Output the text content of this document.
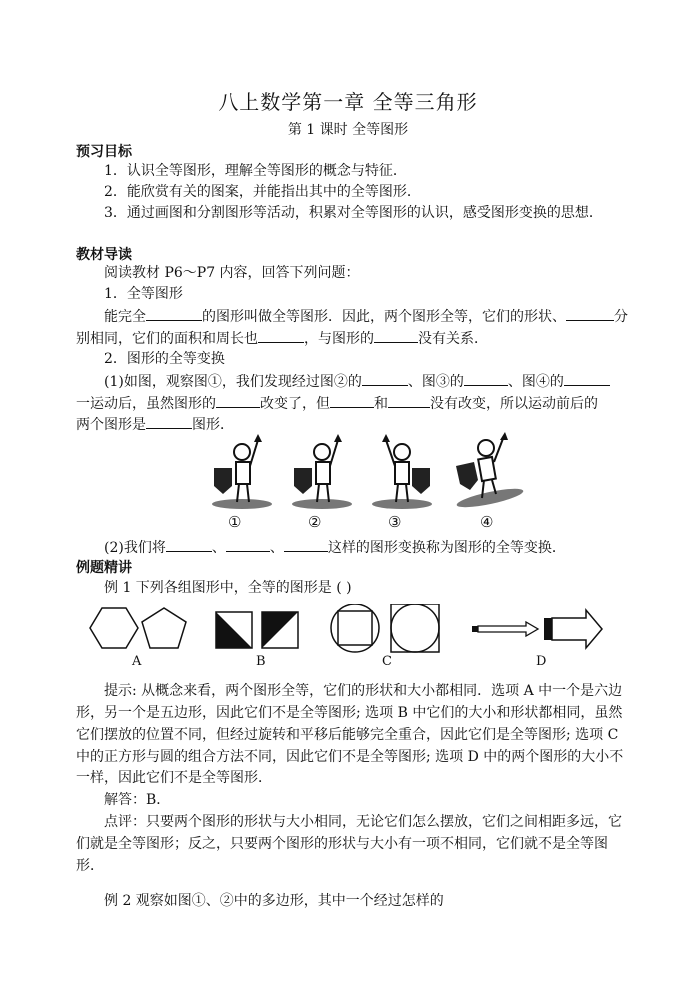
八上数学第一章 全等三角形
第 1 课时 全等图形
预习目标
1．认识全等图形，理解全等图形的概念与特征．
2．能欣赏有关的图案，并能指出其中的全等图形．
3．通过画图和分割图形等活动，积累对全等图形的认识，感受图形变换的思想．
教材导读
阅读教材 P6～P7 内容，回答下列问题：
1．全等图形
能完全	的图形叫做全等图形．因此，两个图形全等，它们的形状、	分
别相同，它们的面积和周长也	，与图形的	没有关系．
2．图形的全等变换
(1)如图，观察图①，我们发现经过图②的	、图③的	、图④的
一运动后，虽然图形的	改变了，但	和	没有改变，所以运动前后的
两个图形是	图形．
①	②	③	④
(2)我们将	、	、	这样的图形变换称为图形的全等变换．
例题精讲
例 1 下列各组图形中，全等的图形是 ( )
A	B	C	D
提示: 从概念来看，两个图形全等，它们的形状和大小都相同．选项 A 中一个是六边
形，另一个是五边形，因此它们不是全等图形; 选项 B 中它们的大小和形状都相同，虽然
它们摆放的位置不同，但经过旋转和平移后能够完全重合，因此它们是全等图形; 选项 C
中的正方形与圆的组合方法不同，因此它们不是全等图形; 选项 D 中的两个图形的大小不
一样，因此它们不是全等图形．
解答：B．
点评：只要两个图形的形状与大小相同，无论它们怎么摆放，它们之间相距多远，它
们就是全等图形；反之，只要两个图形的形状与大小有一项不相同，它们就不是全等图
形．
例 2 观察如图①、②中的多边形，其中一个经过怎样的
